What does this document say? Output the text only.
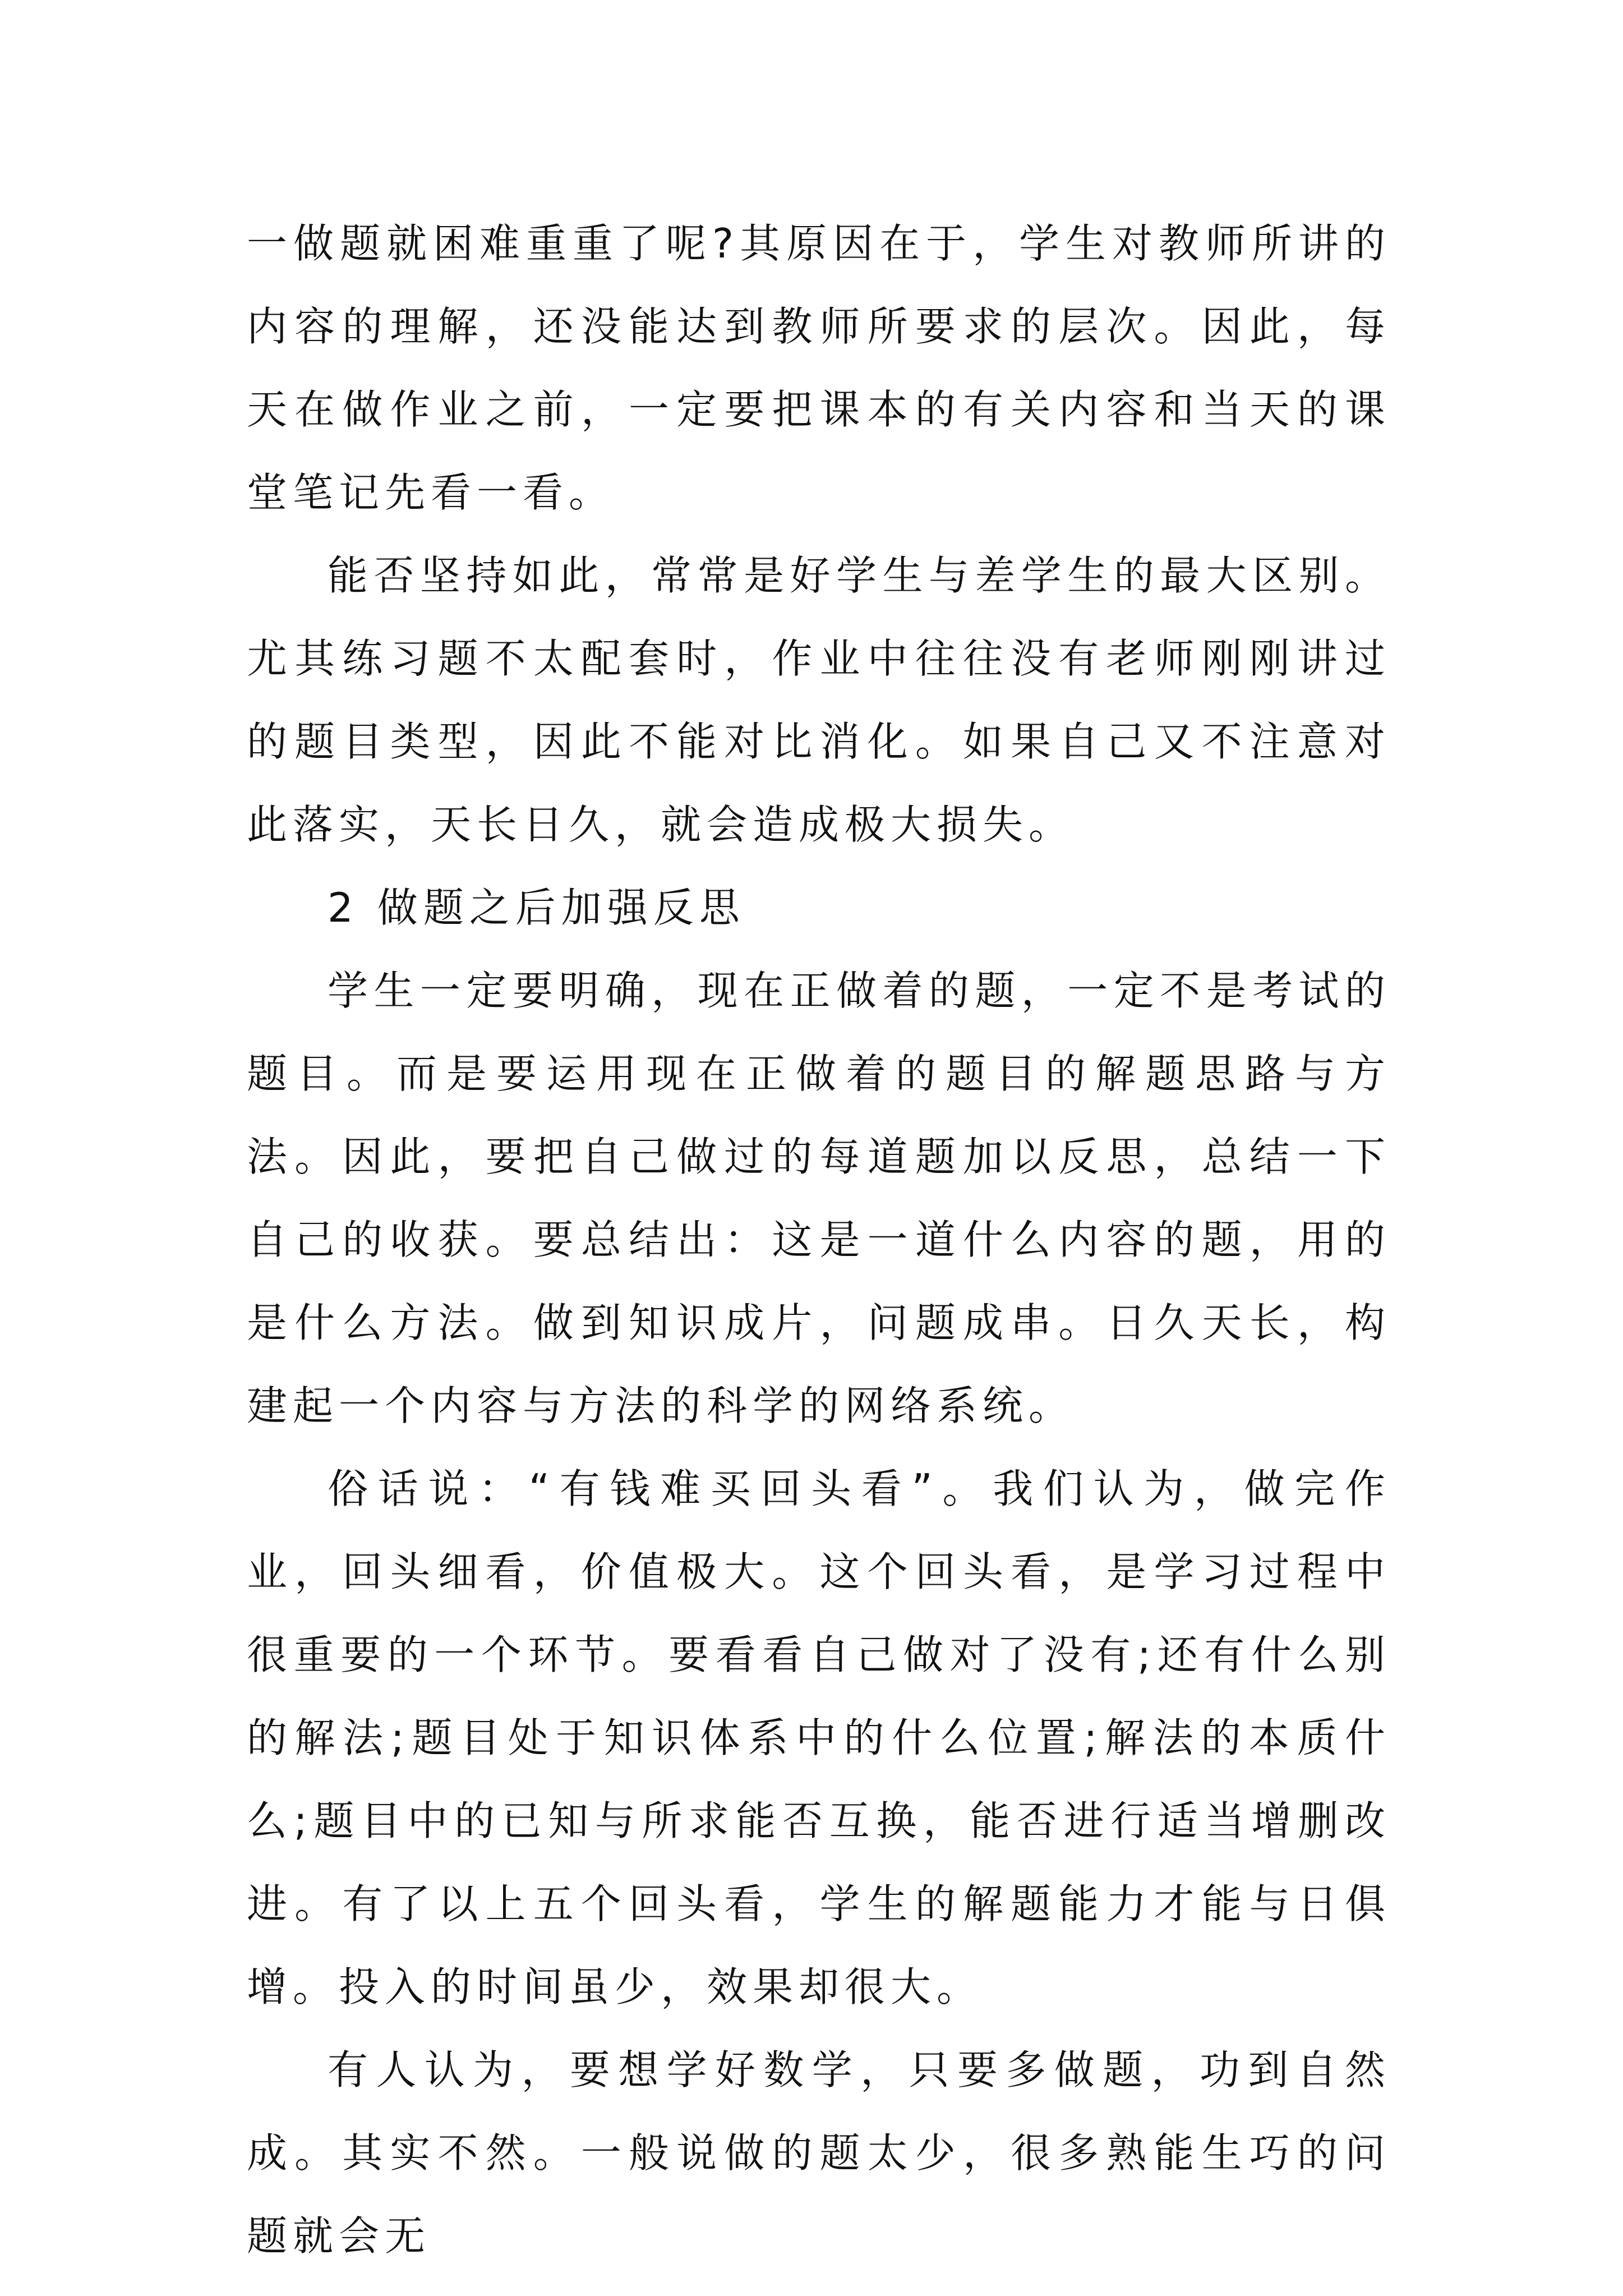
一做题就困难重重了呢?其原因在于，学生对教师所讲的内容的理解，还没能达到教师所要求的层次。因此，每天在做作业之前，一定要把课本的有关内容和当天的课堂笔记先看一看。

能否坚持如此，常常是好学生与差学生的最大区别。尤其练习题不太配套时，作业中往往没有老师刚刚讲过的题目类型，因此不能对比消化。如果自己又不注意对此落实，天长日久，就会造成极大损失。

2 做题之后加强反思

学生一定要明确，现在正做着的题，一定不是考试的题目。而是要运用现在正做着的题目的解题思路与方法。因此，要把自己做过的每道题加以反思，总结一下自己的收获。要总结出：这是一道什么内容的题，用的是什么方法。做到知识成片，问题成串。日久天长，构建起一个内容与方法的科学的网络系统。

俗话说：“有钱难买回头看”。我们认为，做完作业，回头细看，价值极大。这个回头看，是学习过程中很重要的一个环节。要看看自己做对了没有;还有什么别的解法;题目处于知识体系中的什么位置;解法的本质什么;题目中的已知与所求能否互换，能否进行适当增删改进。有了以上五个回头看，学生的解题能力才能与日俱增。投入的时间虽少，效果却很大。

有人认为，要想学好数学，只要多做题，功到自然成。其实不然。一般说做的题太少，很多熟能生巧的问题就会无
